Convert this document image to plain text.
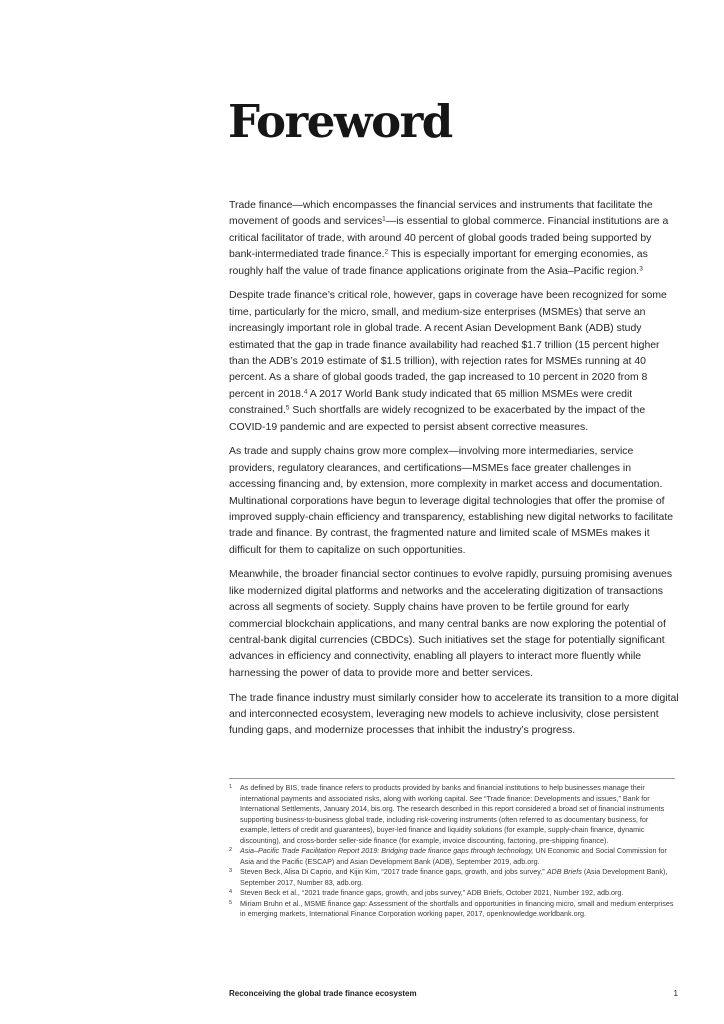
Foreword

Trade finance—which encompasses the financial services and instruments that facilitate the movement of goods and services$^1$—is essential to global commerce. Financial institutions are a critical facilitator of trade, with around 40 percent of global goods traded being supported by bank-intermediated trade finance.$^2$ This is especially important for emerging economies, as roughly half the value of trade finance applications originate from the Asia–Pacific region.$^3$

Despite trade finance’s critical role, however, gaps in coverage have been recognized for some time, particularly for the micro, small, and medium-size enterprises (MSMEs) that serve an increasingly important role in global trade. A recent Asian Development Bank (ADB) study estimated that the gap in trade finance availability had reached $1.7 trillion (15 percent higher than the ADB’s 2019 estimate of $1.5 trillion), with rejection rates for MSMEs running at 40 percent. As a share of global goods traded, the gap increased to 10 percent in 2020 from 8 percent in 2018.$^4$ A 2017 World Bank study indicated that 65 million MSMEs were credit constrained.$^5$ Such shortfalls are widely recognized to be exacerbated by the impact of the COVID-19 pandemic and are expected to persist absent corrective measures.

As trade and supply chains grow more complex—involving more intermediaries, service providers, regulatory clearances, and certifications—MSMEs face greater challenges in accessing financing and, by extension, more complexity in market access and documentation. Multinational corporations have begun to leverage digital technologies that offer the promise of improved supply-chain efficiency and transparency, establishing new digital networks to facilitate trade and finance. By contrast, the fragmented nature and limited scale of MSMEs makes it difficult for them to capitalize on such opportunities.

Meanwhile, the broader financial sector continues to evolve rapidly, pursuing promising avenues like modernized digital platforms and networks and the accelerating digitization of transactions across all segments of society. Supply chains have proven to be fertile ground for early commercial blockchain applications, and many central banks are now exploring the potential of central-bank digital currencies (CBDCs). Such initiatives set the stage for potentially significant advances in efficiency and connectivity, enabling all players to interact more fluently while harnessing the power of data to provide more and better services.

The trade finance industry must similarly consider how to accelerate its transition to a more digital and interconnected ecosystem, leveraging new models to achieve inclusivity, close persistent funding gaps, and modernize processes that inhibit the industry’s progress.

1 As defined by BIS, trade finance refers to products provided by banks and financial institutions to help businesses manage their international payments and associated risks, along with working capital. See “Trade finance: Developments and issues,” Bank for International Settlements, January 2014, bis.org. The research described in this report considered a broad set of financial instruments supporting business-to-business global trade, including risk-covering instruments (often referred to as documentary business, for example, letters of credit and guarantees), buyer-led finance and liquidity solutions (for example, supply-chain finance, dynamic discounting), and cross-border seller-side finance (for example, invoice discounting, factoring, pre-shipping finance).
2 Asia–Pacific Trade Facilitation Report 2019: Bridging trade finance gaps through technology, UN Economic and Social Commission for Asia and the Pacific (ESCAP) and Asian Development Bank (ADB), September 2019, adb.org.
3 Steven Beck, Alisa Di Caprio, and Kijin Kim, “2017 trade finance gaps, growth, and jobs survey,” ADB Briefs (Asia Development Bank), September 2017, Number 83, adb.org.
4 Steven Beck et al., “2021 trade finance gaps, growth, and jobs survey,” ADB Briefs, October 2021, Number 192, adb.org.
5 Miriam Bruhn et al., MSME finance gap: Assessment of the shortfalls and opportunities in financing micro, small and medium enterprises in emerging markets, International Finance Corporation working paper, 2017, openknowledge.worldbank.org.
Reconceiving the global trade finance ecosystem	1
